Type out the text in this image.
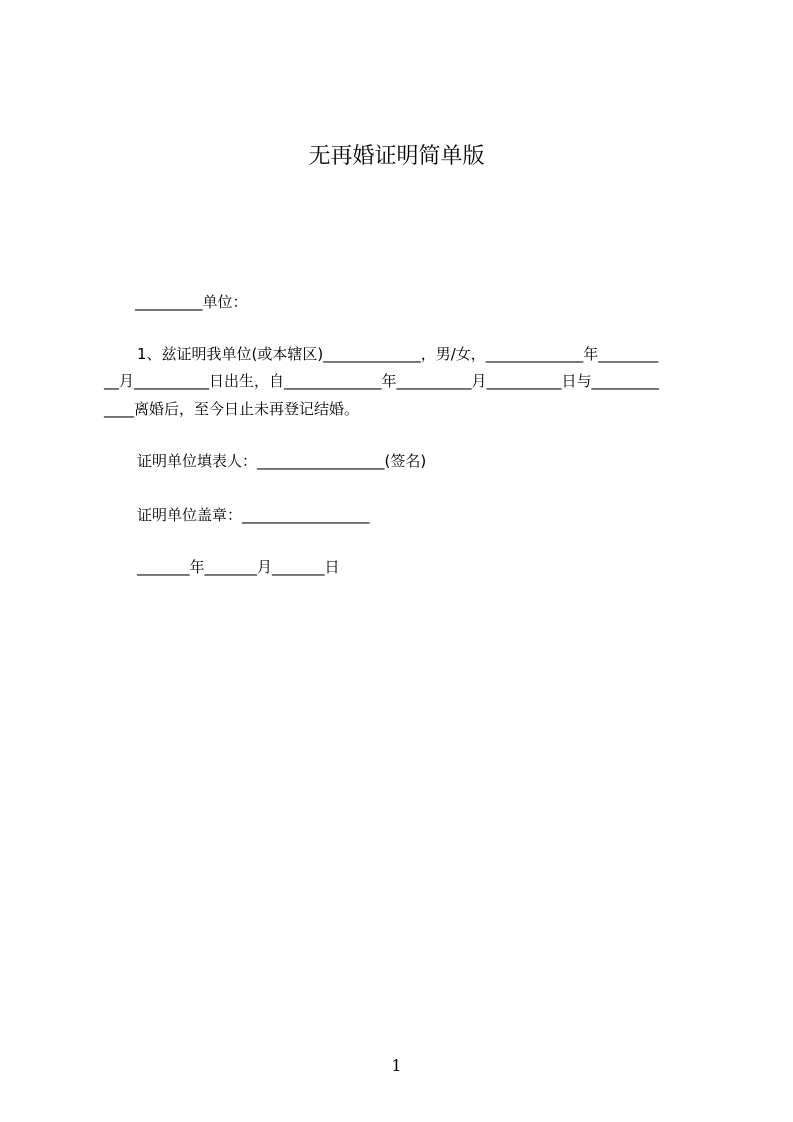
无再婚证明简单版
_________单位：
1、兹证明我单位(或本辖区)_____________，男/女，_____________年________
__月__________日出生，自_____________年__________月__________日与_________
____离婚后，至今日止未再登记结婚。
证明单位填表人：_________________(签名)
证明单位盖章：_________________
_______年_______月_______日
1
